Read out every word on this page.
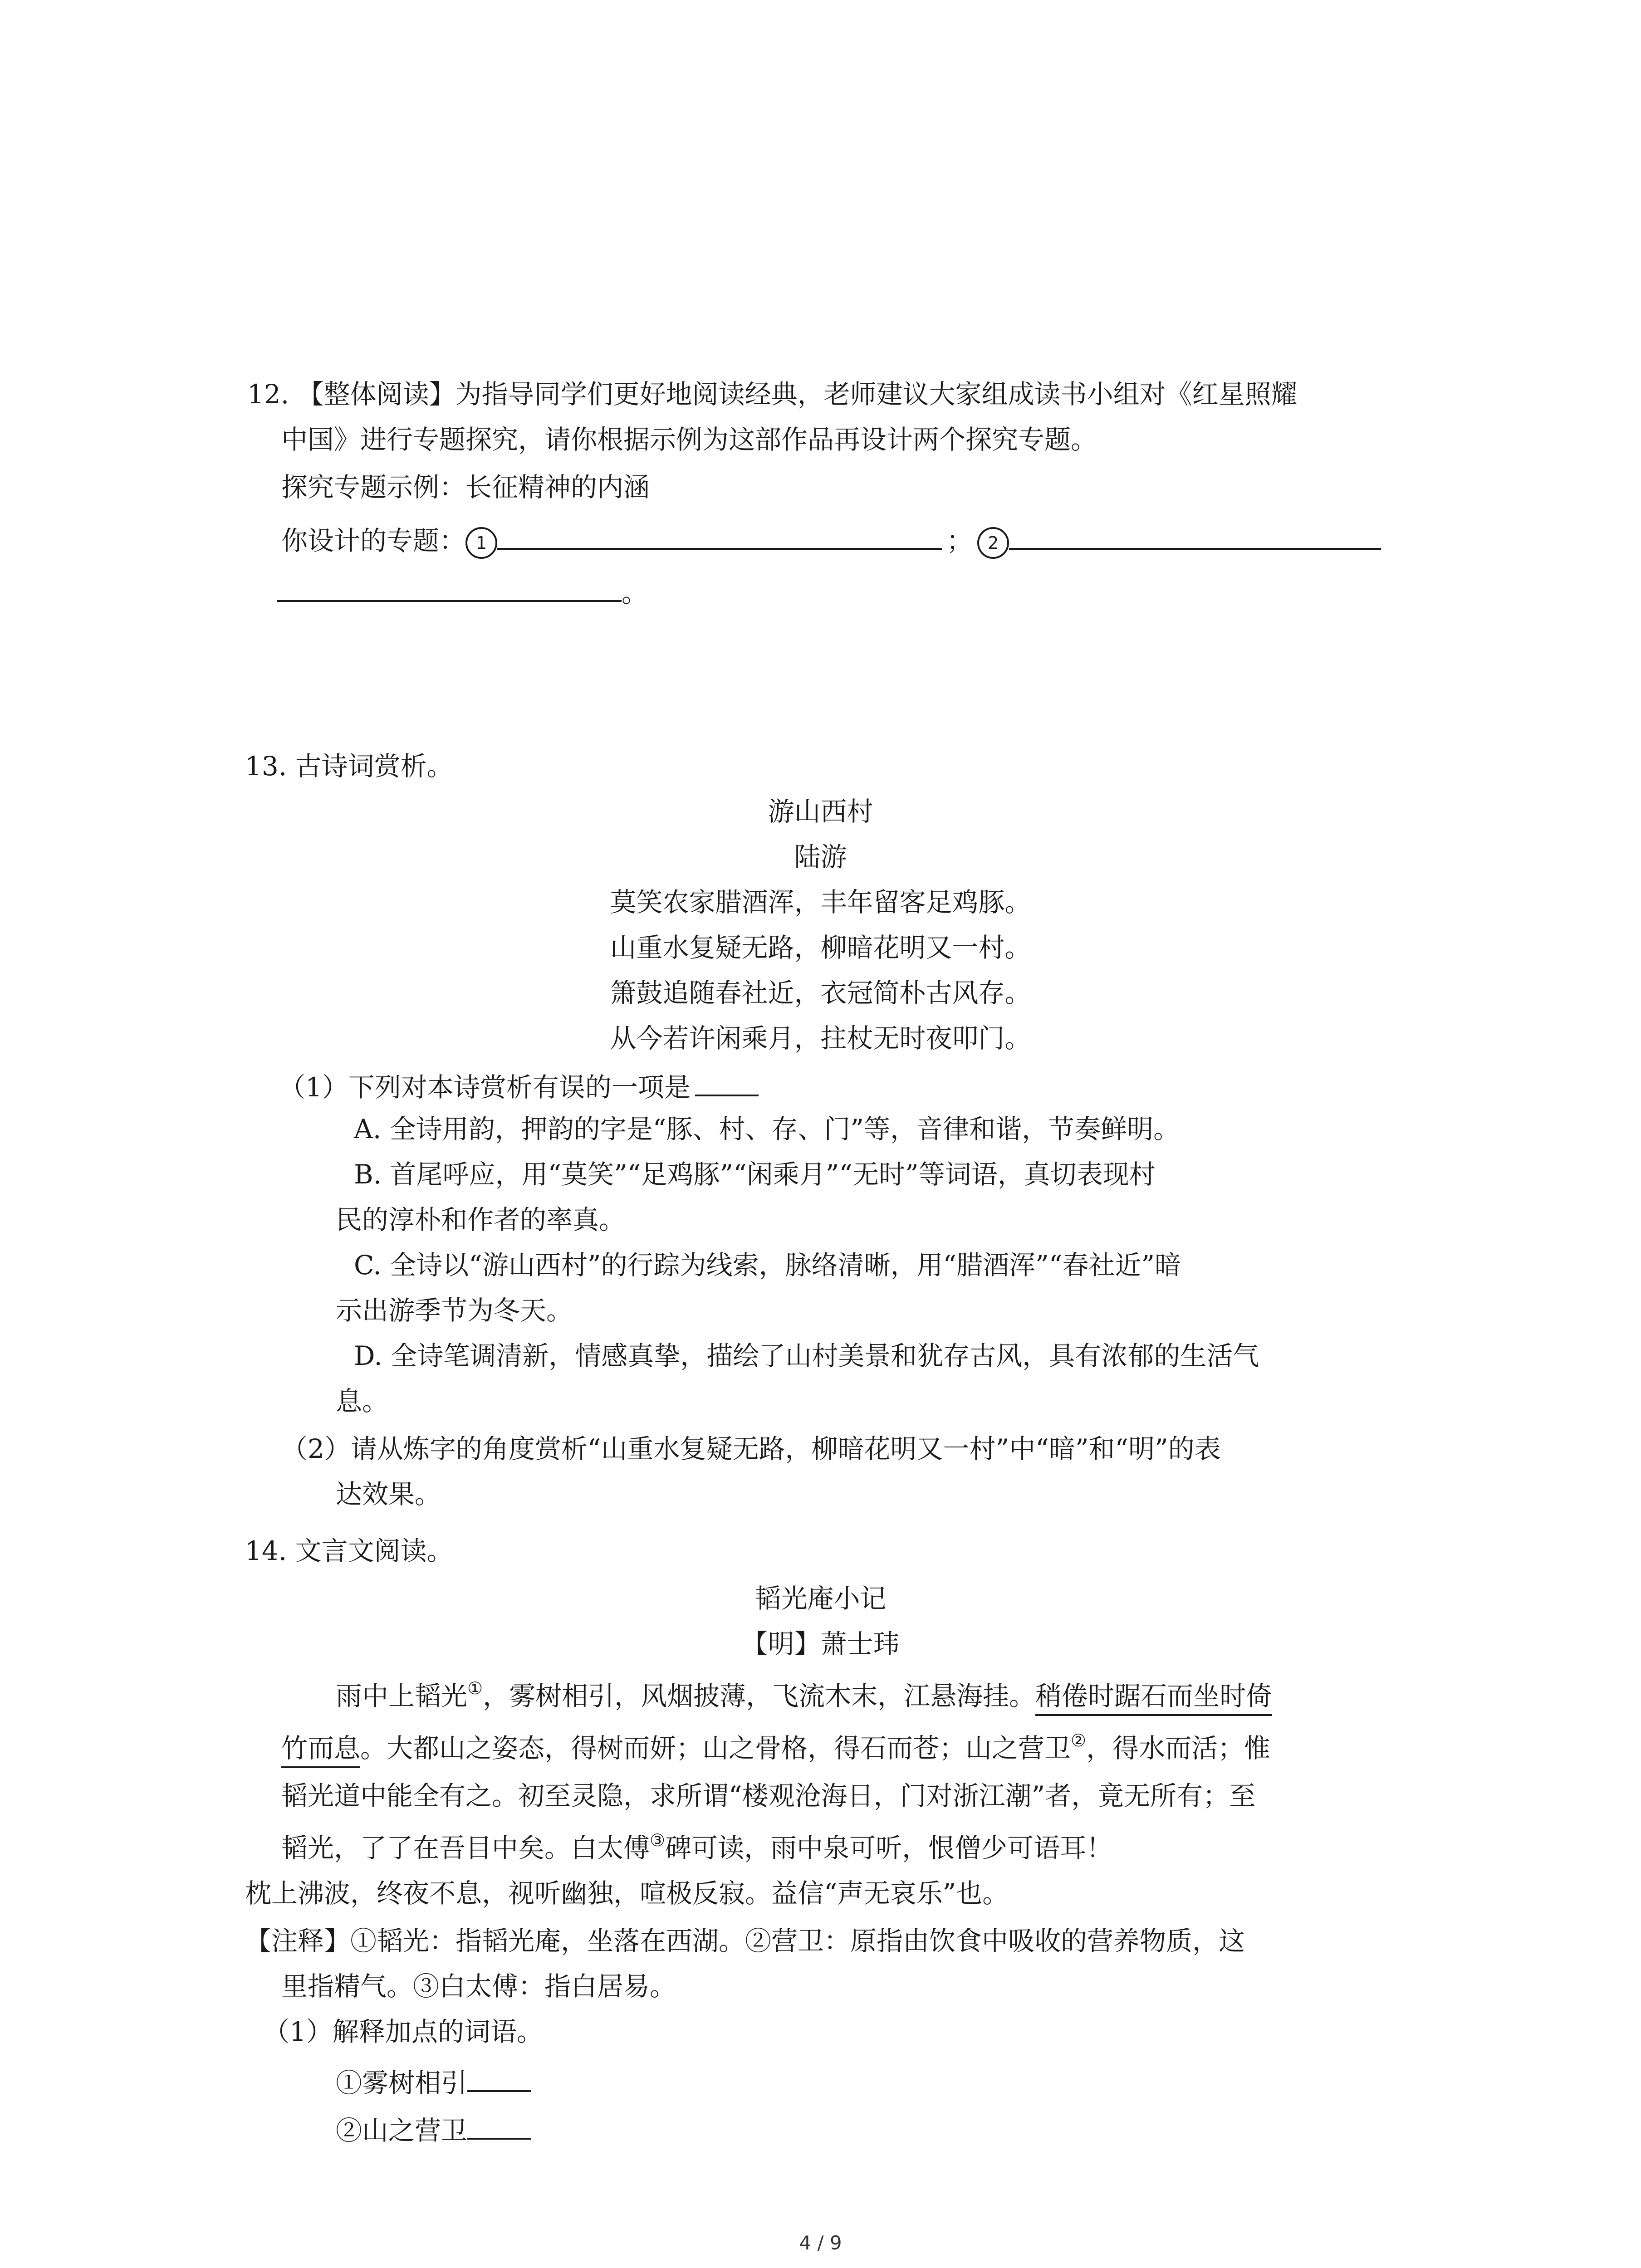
12. 【整体阅读】为指导同学们更好地阅读经典，老师建议大家组成读书小组对《红星照耀
中国》进行专题探究，请你根据示例为这部作品再设计两个探究专题。
探究专题示例：长征精神的内涵
你设计的专题： 1	； 2
。
13. 古诗词赏析。
游山西村
陆游
莫笑农家腊酒浑，丰年留客足鸡豚。
山重水复疑无路，柳暗花明又一村。
箫鼓追随春社近，衣冠简朴古风存。
从今若许闲乘月，拄杖无时夜叩门。
（1）下列对本诗赏析有误的一项是
A. 全诗用韵，押韵的字是“豚、村、存、门”等，音律和谐，节奏鲜明。
B. 首尾呼应，用“莫笑”“足鸡豚”“闲乘月”“无时”等词语，真切表现村
民的淳朴和作者的率真。
C. 全诗以“游山西村”的行踪为线索，脉络清晰，用“腊酒浑”“春社近”暗
示出游季节为冬天。
D. 全诗笔调清新，情感真挚，描绘了山村美景和犹存古风，具有浓郁的生活气
息。
（2）请从炼字的角度赏析“山重水复疑无路，柳暗花明又一村”中“暗”和“明”的表
达效果。
14. 文言文阅读。
韬光庵小记
【明】萧士玮
雨中上韬光①，雾树相引，风烟披薄，飞流木末，江悬海挂。稍倦时踞石而坐时倚
竹而息。大都山之姿态，得树而妍；山之骨格，得石而苍；山之营卫②，得水而活；惟
韬光道中能全有之。初至灵隐，求所谓“楼观沧海日，门对浙江潮”者，竟无所有；至
韬光，了了在吾目中矣。白太傅③碑可读，雨中泉可听，恨僧少可语耳！
枕上沸波，终夜不息，视听幽独，喧极反寂。益信“声无哀乐”也。
【注释】①韬光：指韬光庵，坐落在西湖。②营卫：原指由饮食中吸收的营养物质，这
里指精气。③白太傅：指白居易。
（1）解释加点的词语。
①雾树相引
②山之营卫
4 / 9
